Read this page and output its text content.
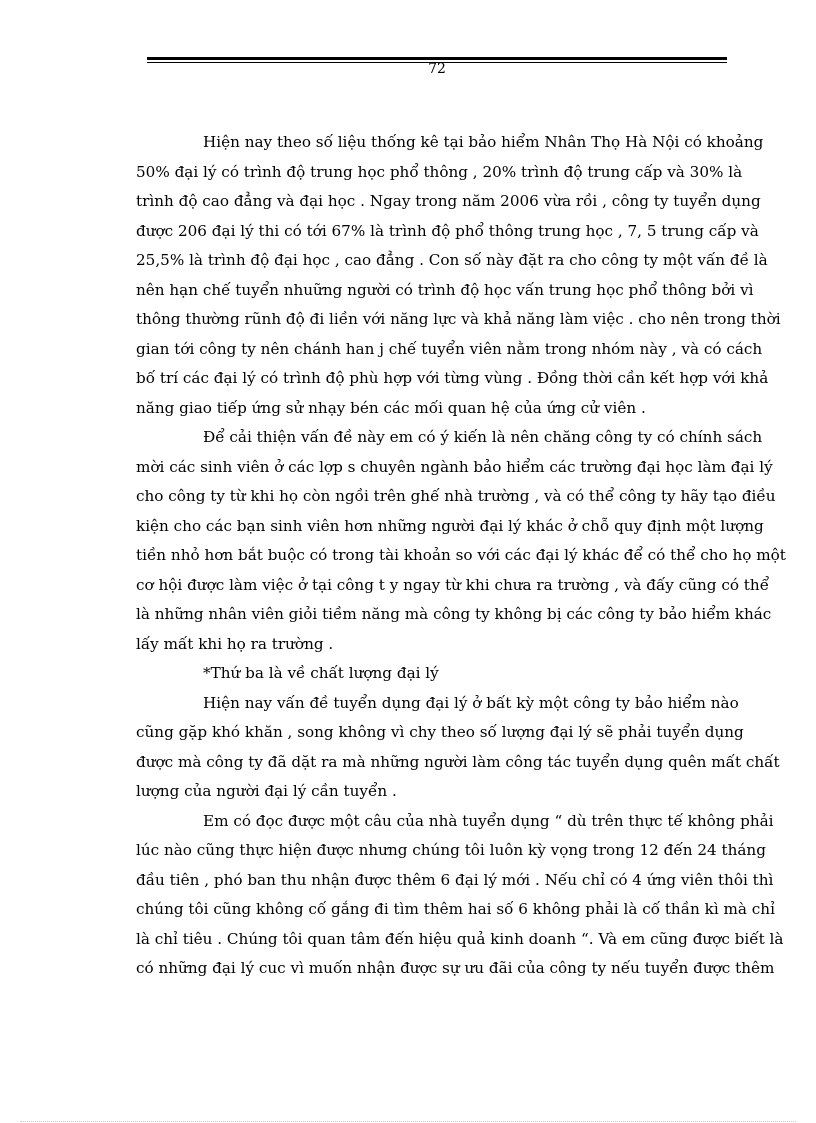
72
Hiện nay theo số liệu thống kê tại bảo hiểm Nhân Thọ Hà Nội có khoảng
50% đại lý có trình độ trung học phổ thông , 20% trình độ trung cấp và 30% là
trình độ cao đẳng và đại học . Ngay trong năm 2006 vừa rồi , công ty tuyển dụng
được 206 đại lý thi có tới 67% là trình độ phổ thông trung học , 7, 5 trung cấp và
25,5% là trình độ đại học , cao đẳng . Con số này đặt ra cho công ty một vấn đề là
nên hạn chế tuyển nhuững người có trình độ học vấn trung học phổ thông bởi vì
thông thường rũnh độ đi liền với năng lực và khả năng làm việc . cho nên trong thời
gian tới công ty nên chánh han j chế tuyển viên nằm trong nhóm này , và có cách
bố trí các đại lý có trình độ phù hợp với từng vùng . Đồng thời cần kết hợp với khả
năng giao tiếp ứng sử nhạy bén các mối quan hệ của ứng cử viên .
Để cải thiện vấn đề này em có ý kiến là nên chăng công ty có chính sách
mời các sinh viên ở các lợp s chuyên ngành bảo hiểm các trường đại học làm đại lý
cho công ty từ khi họ còn ngồi trên ghế nhà trường , và có thể công ty hãy tạo điều
kiện cho các bạn sinh viên hơn những người đại lý khác ở chỗ quy định một lượng
tiền nhỏ hơn bắt buộc có trong tài khoản so với các đại lý khác để có thể cho họ một
cơ hội được làm việc ở tại công t y ngay từ khi chưa ra trường , và đấy cũng có thể
là những nhân viên giỏi tiềm năng mà công ty không bị các công ty bảo hiểm khác
lấy mất khi họ ra trường .
*Thứ ba là về chất lượng đại lý
Hiện nay vấn đề tuyển dụng đại lý ở bất kỳ một công ty bảo hiểm nào
cũng gặp khó khăn , song không vì chy theo số lượng đại lý sẽ phải tuyển dụng
được mà công ty đã dặt ra mà những người làm công tác tuyển dụng quên mất chất
lượng của người đại lý cần tuyển .
Em có đọc được một câu của nhà tuyển dụng “ dù trên thực tế không phải
lúc nào cũng thực hiện được nhưng chúng tôi luôn kỳ vọng trong 12 đến 24 tháng
đầu tiên , phó ban thu nhận được thêm 6 đại lý mới . Nếu chỉ có 4 ứng viên thôi thì
chúng tôi cũng không cố gắng đi tìm thêm hai số 6 không phải là cố thần kì mà chỉ
là chỉ tiêu . Chúng tôi quan tâm đến hiệu quả kinh doanh “. Và em cũng được biết là
có những đại lý cuc vì muốn nhận được sự ưu đãi của công ty nếu tuyển được thêm
